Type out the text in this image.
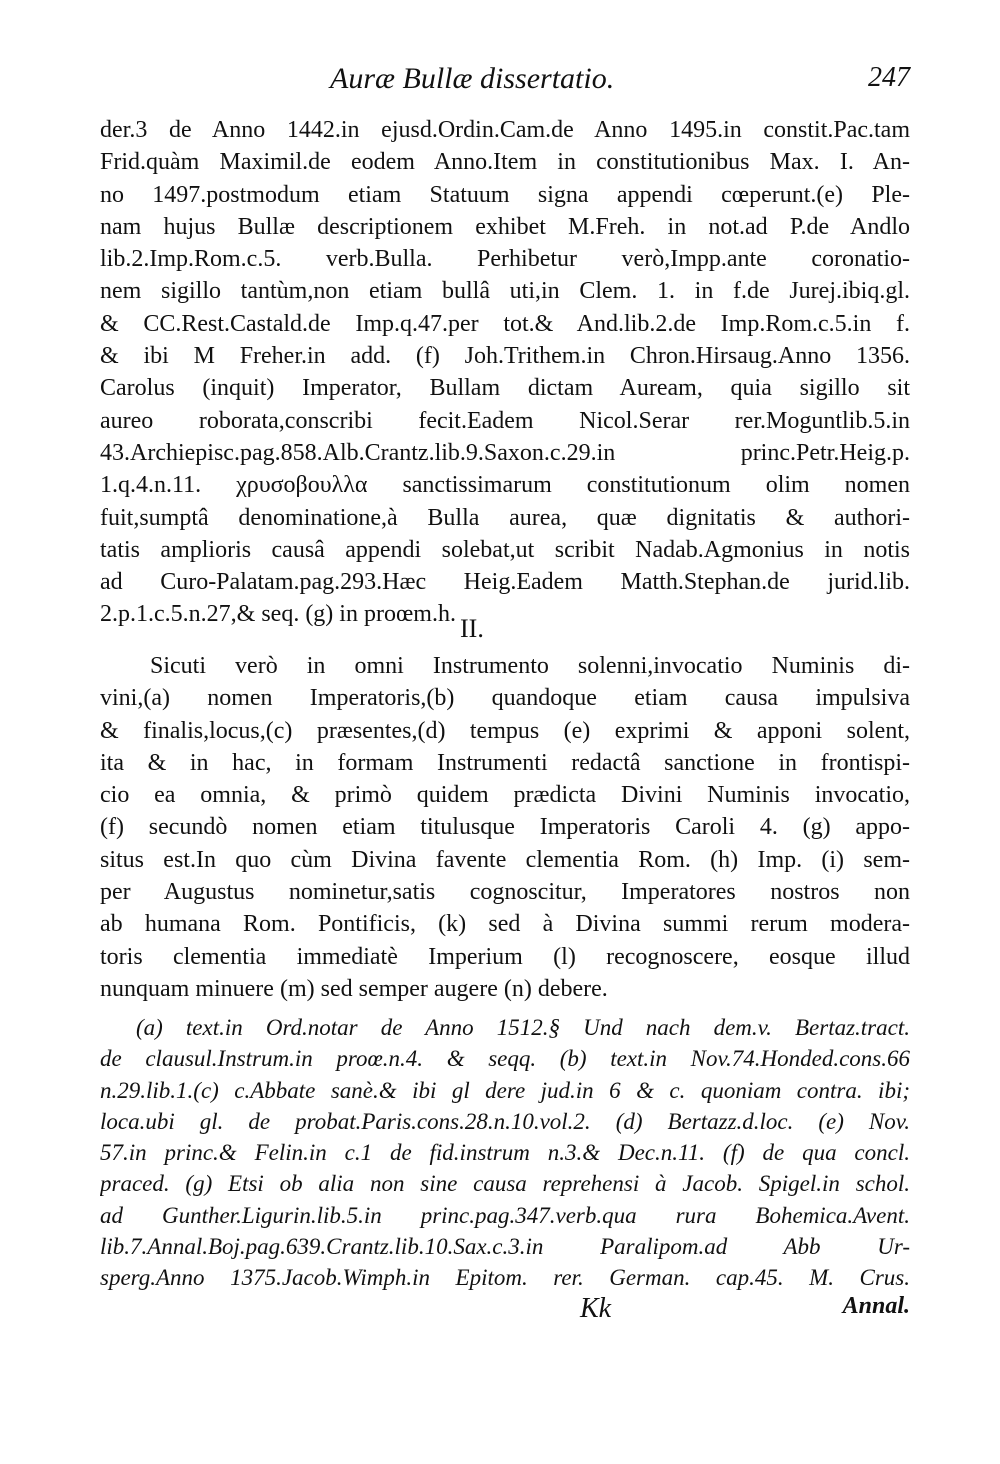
Auræ Bullæ dissertatio.	247
der.3 de Anno 1442.in ejusd.Ordin.Cam.de Anno 1495.in constit.Pac.tam
Frid.quàm Maximil.de eodem Anno.Item in constitutionibus Max. I. An-
no 1497.postmodum etiam Statuum signa appendi cœperunt.(e) Ple-
nam hujus Bullæ descriptionem exhibet M.Freh. in not.ad P.de Andlo
lib.2.Imp.Rom.c.5. verb.Bulla. Perhibetur verò,Impp.ante coronatio-
nem sigillo tantùm,non etiam bullâ uti,in Clem. 1. in f.de Jurej.ibiq.gl.
& CC.Rest.Castald.de Imp.q.47.per tot.& And.lib.2.de Imp.Rom.c.5.in f.
& ibi M Freher.in add. (f) Joh.Trithem.in Chron.Hirsaug.Anno 1356.
Carolus (inquit) Imperator, Bullam dictam Auream, quia sigillo sit
aureo roborata,conscribi fecit.Eadem Nicol.Serar rer.Moguntlib.5.in
43.Archiepisc.pag.858.Alb.Crantz.lib.9.Saxon.c.29.in princ.Petr.Heig.p.
1.q.4.n.11. χρυσοβουλλα sanctissimarum constitutionum olim nomen
fuit,sumptâ denominatione,à Bulla aurea, quæ dignitatis & authori-
tatis amplioris causâ appendi solebat,ut scribit Nadab.Agmonius in notis
ad Curo-Palatam.pag.293.Hæc Heig.Eadem Matth.Stephan.de jurid.lib.
2.p.1.c.5.n.27,& seq. (g) in proœm.h. II.
Sicuti verò in omni Instrumento solenni,invocatio Numinis di-
vini,(a) nomen Imperatoris,(b) quandoque etiam causa impulsiva
& finalis,locus,(c) præsentes,(d) tempus (e) exprimi & apponi solent,
ita & in hac, in formam Instrumenti redactâ sanctione in frontispi-
cio ea omnia, & primò quidem prædicta Divini Numinis invocatio,
(f) secundò nomen etiam titulusque Imperatoris Caroli 4. (g) appo-
situs est.In quo cùm Divina favente clementia Rom. (h) Imp. (i) sem-
per Augustus nominetur,satis cognoscitur, Imperatores nostros non
ab humana Rom. Pontificis, (k) sed à Divina summi rerum modera-
toris clementia immediatè Imperium (l) recognoscere, eosque illud
nunquam minuere (m) sed semper augere (n) debere.
(a) text.in Ord.notar de Anno 1512.§ Und nach dem.v. Bertaz.tract.
de clausul.Instrum.in proœ.n.4. & seqq. (b) text.in Nov.74.Honded.cons.66
n.29.lib.1.(c) c.Abbate sanè.& ibi gl dere jud.in 6 & c. quoniam contra. ibi;
loca.ubi gl. de probat.Paris.cons.28.n.10.vol.2. (d) Bertazz.d.loc. (e) Nov.
57.in princ.& Felin.in c.1 de fid.instrum n.3.& Dec.n.11. (f) de qua concl.
praced. (g) Etsi ob alia non sine causa reprehensi à Jacob. Spigel.in schol.
ad Gunther.Ligurin.lib.5.in princ.pag.347.verb.qua rura Bohemica.Avent.
lib.7.Annal.Boj.pag.639.Crantz.lib.10.Sax.c.3.in Paralipom.ad Abb Ur-
sperg.Anno 1375.Jacob.Wimph.in Epitom. rer. German. cap.45. M. Crus.
Kk	Annal.
